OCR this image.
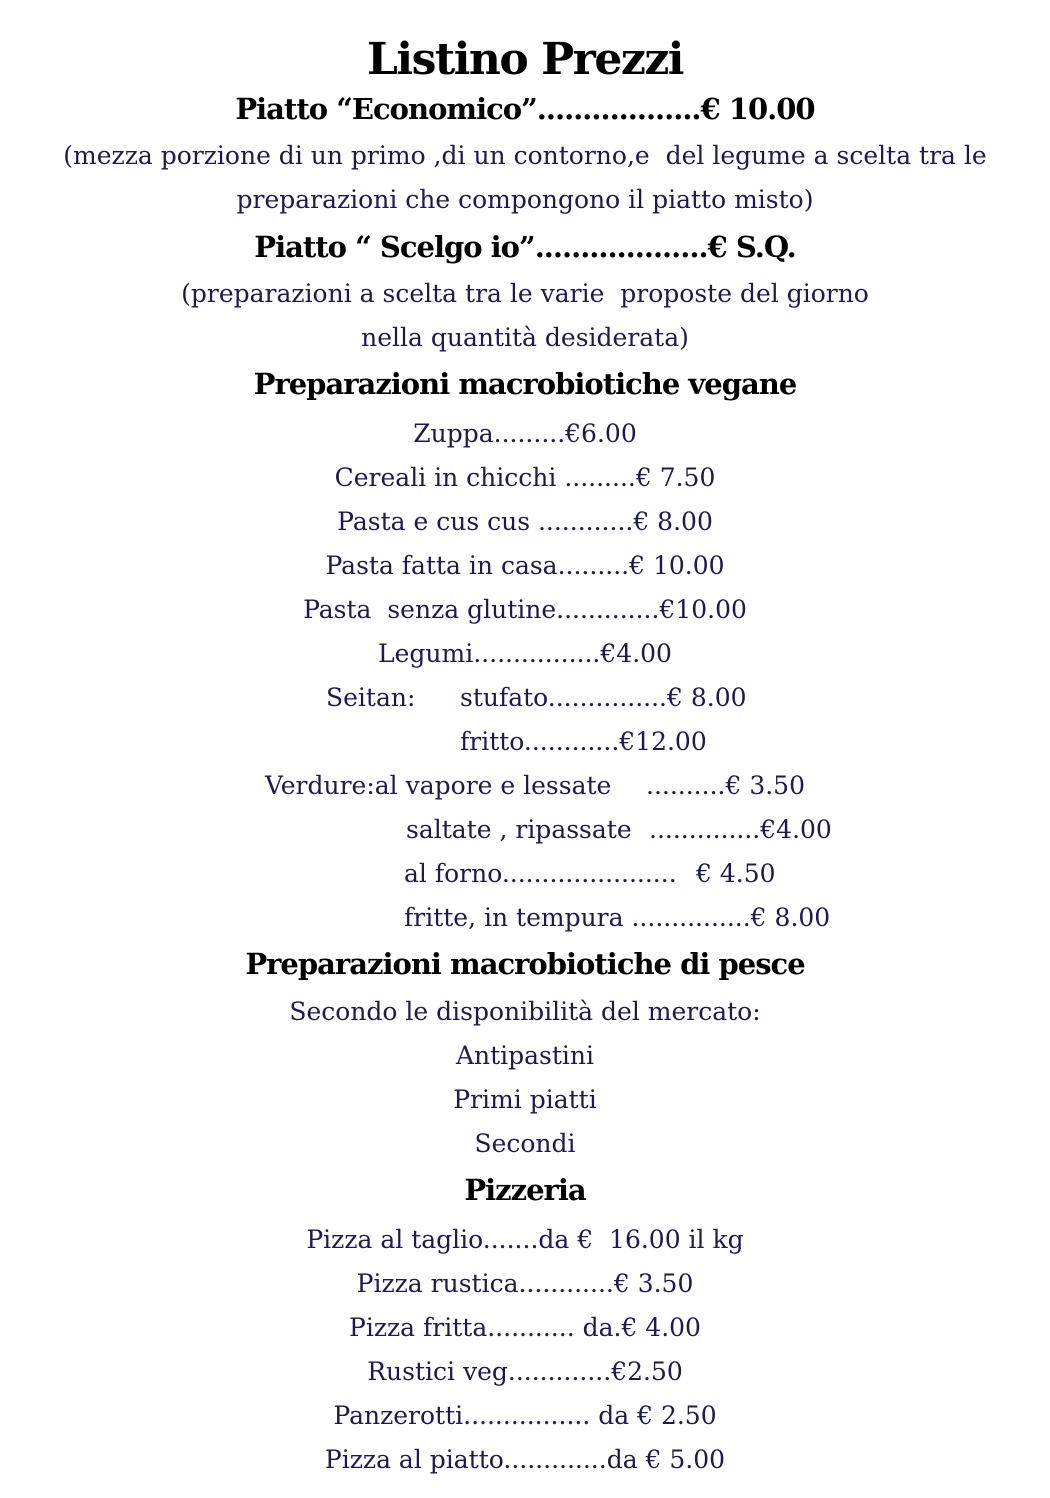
Listino Prezzi
Piatto “Economico”..................€ 10.00
(mezza porzione di un primo ,di un contorno,e  del legume a scelta tra le
preparazioni che compongono il piatto misto)
Piatto “ Scelgo io”...................€ S.Q.
(preparazioni a scelta tra le varie  proposte del giorno
nella quantità desiderata)
Preparazioni macrobiotiche vegane
Zuppa.........€6.00
Cereali in chicchi .........€ 7.50
Pasta e cus cus ............€ 8.00
Pasta fatta in casa.........€ 10.00
Pasta  senza glutine.............€10.00
Legumi................€4.00
Seitan: stufato...............€ 8.00
fritto............€12.00
Verdure:al vapore e lessate ..........€ 3.50
saltate , ripassate ..............€4.00
al forno...................... € 4.50
fritte, in tempura ...............€ 8.00
Preparazioni macrobiotiche di pesce
Secondo le disponibilità del mercato:
Antipastini
Primi piatti
Secondi
Pizzeria
Pizza al taglio.......da €  16.00 il kg
Pizza rustica............€ 3.50
Pizza fritta........... da.€ 4.00
Rustici veg.............€2.50
Panzerotti................ da € 2.50
Pizza al piatto.............da € 5.00
